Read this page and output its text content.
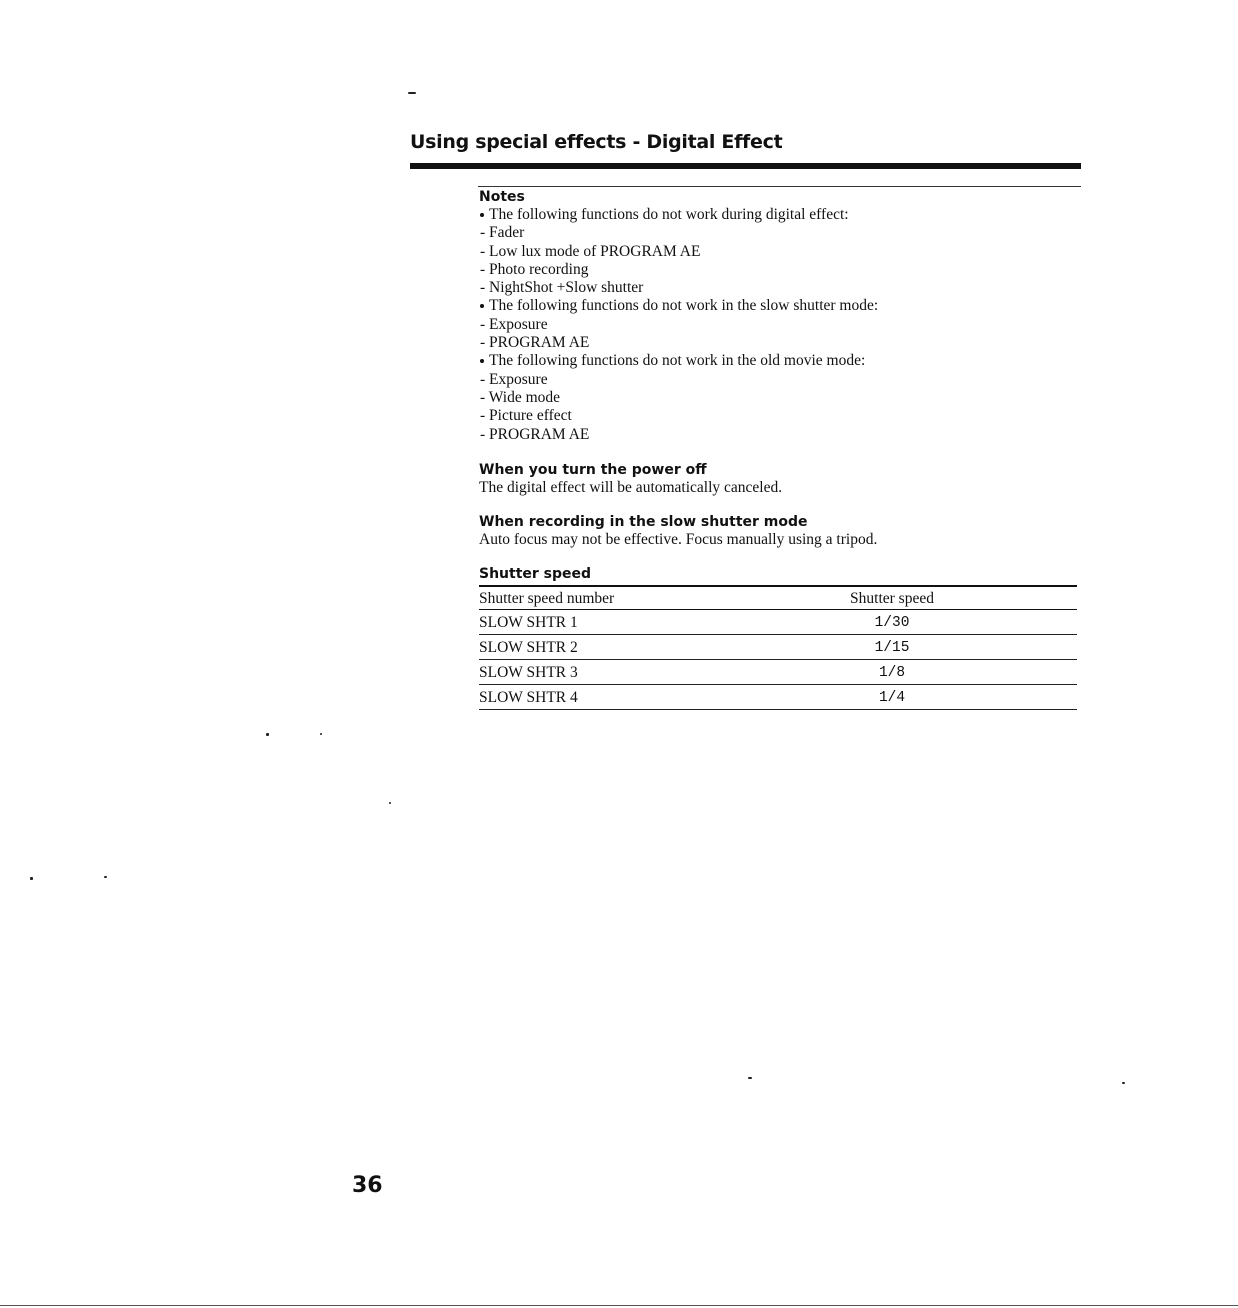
Using special effects - Digital Effect

Notes

The following functions do not work during digital effect:
- Fader
- Low lux mode of PROGRAM AE
- Photo recording
- NightShot +Slow shutter
The following functions do not work in the slow shutter mode:
- Exposure
- PROGRAM AE
The following functions do not work in the old movie mode:
- Exposure
- Wide mode
- Picture effect
- PROGRAM AE

When you turn the power off

The digital effect will be automatically canceled.

When recording in the slow shutter mode

Auto focus may not be effective. Focus manually using a tripod.

Shutter speed

Shutter speed number	Shutter speed
SLOW SHTR 1	1/30
SLOW SHTR 2	1/15
SLOW SHTR 3	1/8
SLOW SHTR 4	1/4

36
